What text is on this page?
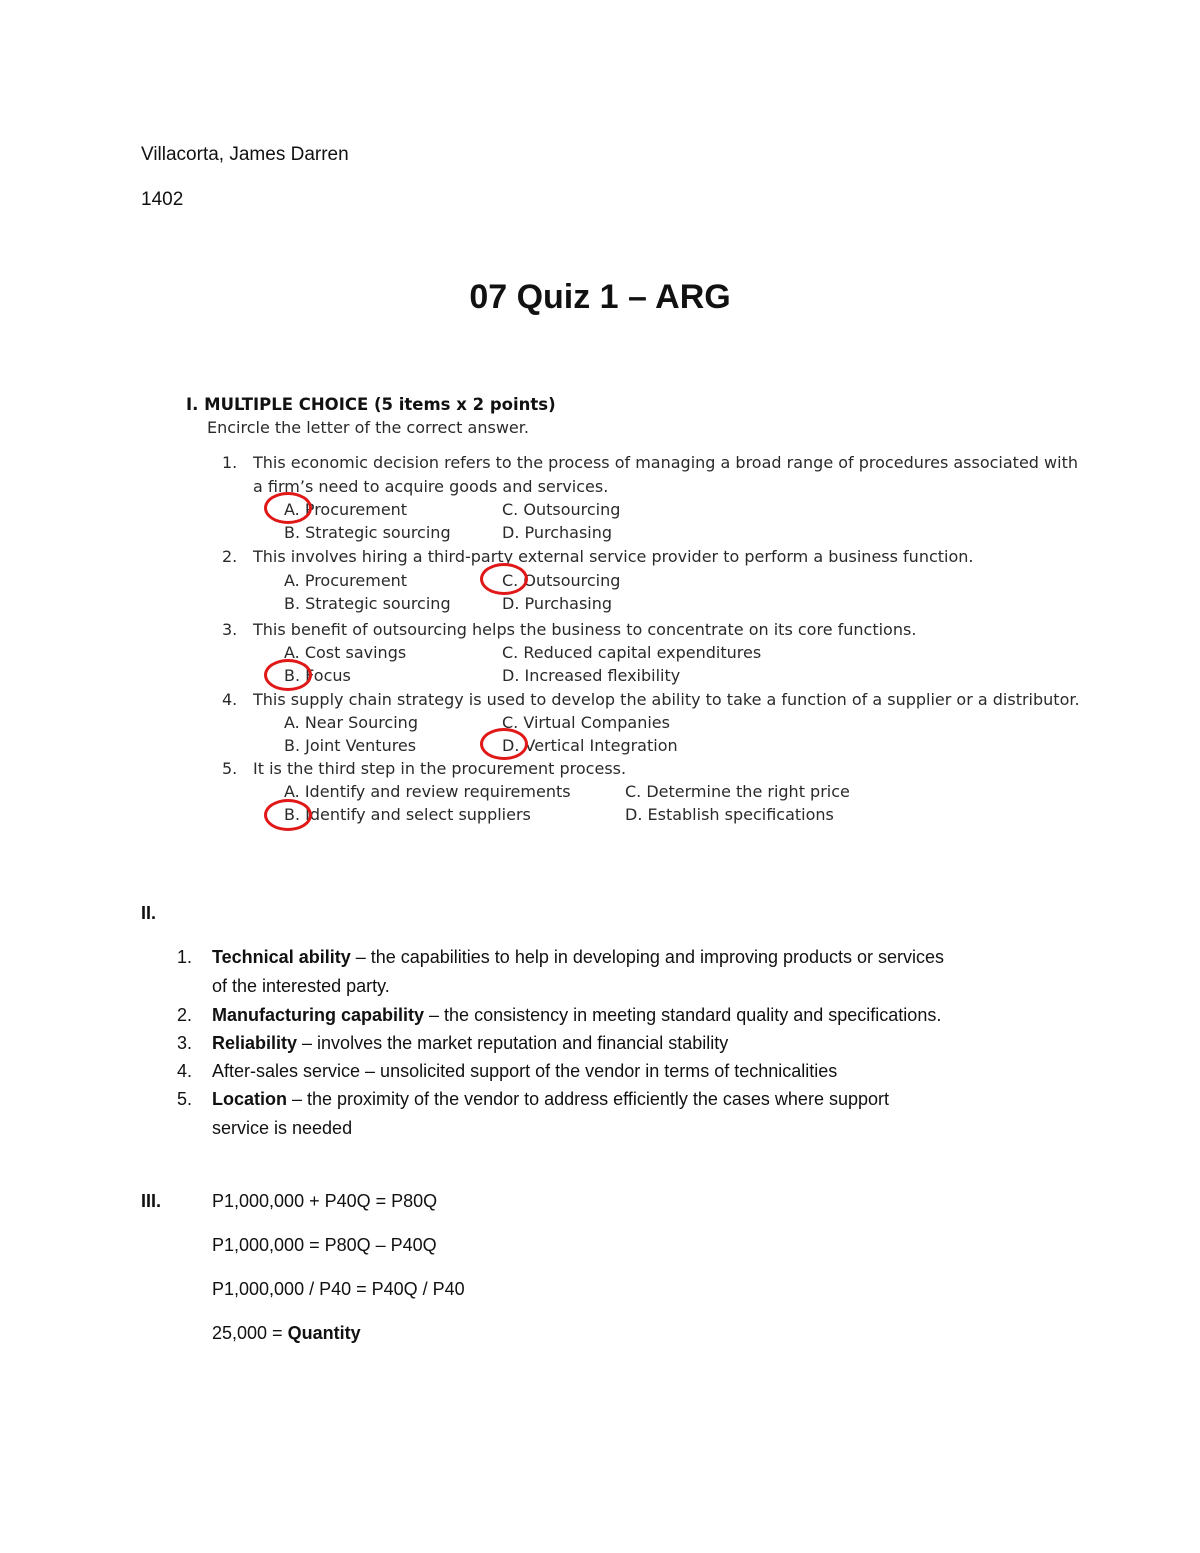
Villacorta, James Darren
1402
07 Quiz 1 – ARG
I. MULTIPLE CHOICE (5 items x 2 points)
Encircle the letter of the correct answer.
1. This economic decision refers to the process of managing a broad range of procedures associated with
a firm’s need to acquire goods and services.
A. Procurement
B. Strategic sourcing
C. Outsourcing
D. Purchasing
2. This involves hiring a third-party external service provider to perform a business function.
A. Procurement
B. Strategic sourcing
C. Outsourcing
D. Purchasing
3. This benefit of outsourcing helps the business to concentrate on its core functions.
A. Cost savings
B. Focus
C. Reduced capital expenditures
D. Increased flexibility
4. This supply chain strategy is used to develop the ability to take a function of a supplier or a distributor.
A. Near Sourcing
B. Joint Ventures
C. Virtual Companies
D. Vertical Integration
5. It is the third step in the procurement process.
A. Identify and review requirements
B. Identify and select suppliers
C. Determine the right price
D. Establish specifications
II.
1. Technical ability – the capabilities to help in developing and improving products or services
of the interested party.
2. Manufacturing capability – the consistency in meeting standard quality and specifications.
3. Reliability – involves the market reputation and financial stability
4. After-sales service – unsolicited support of the vendor in terms of technicalities
5. Location – the proximity of the vendor to address efficiently the cases where support
service is needed
III.	P1,000,000 + P40Q = P80Q
P1,000,000 = P80Q – P40Q
P1,000,000 / P40 = P40Q / P40
25,000 = Quantity
